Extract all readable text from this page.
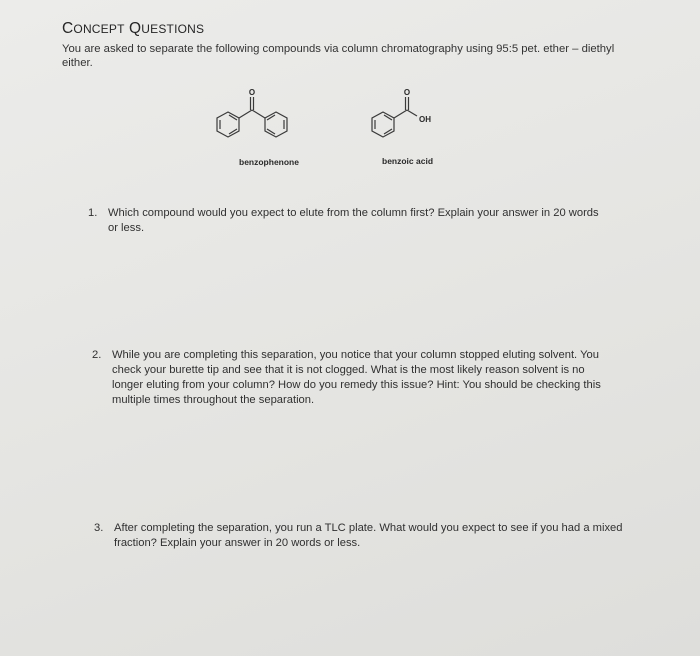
CONCEPT QUESTIONS
You are asked to separate the following compounds via column chromatography using 95:5 pet. ether – diethyl either.
O	O
OH
benzophenone	benzoic acid
1. Which compound would you expect to elute from the column first? Explain your answer in 20 words or less.
2. While you are completing this separation, you notice that your column stopped eluting solvent. You check your burette tip and see that it is not clogged. What is the most likely reason solvent is no longer eluting from your column? How do you remedy this issue? Hint: You should be checking this multiple times throughout the separation.
3. After completing the separation, you run a TLC plate. What would you expect to see if you had a mixed fraction? Explain your answer in 20 words or less.
